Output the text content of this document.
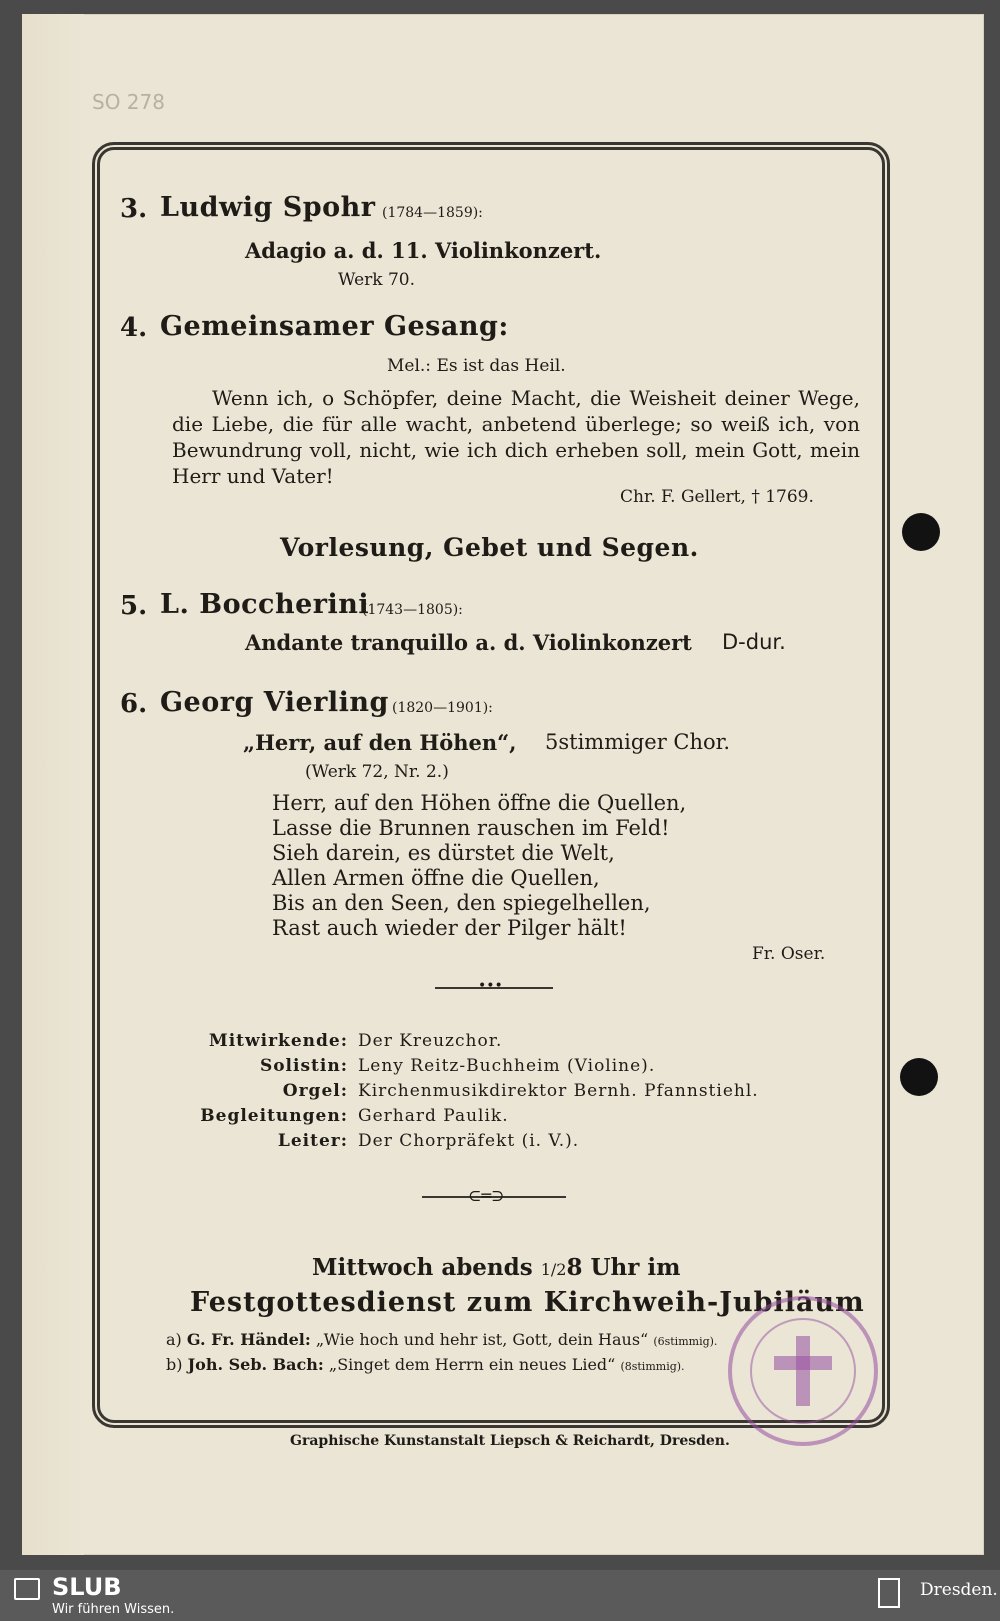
SO 278
3. Ludwig Spohr (1784—1859):
Adagio a. d. 11. Violinkonzert.
Werk 70.
4. Gemeinsamer Gesang:
Mel.: Es ist das Heil.
Wenn ich, o Schöpfer, deine Macht, die Weisheit deiner Wege, die Liebe, die für alle wacht, anbetend überlege; so weiß ich, von Bewundrung voll, nicht, wie ich dich erheben soll, mein Gott, mein Herr und Vater!
Chr. F. Gellert, † 1769.
Vorlesung, Gebet und Segen.
5. L. Boccherini
(1743—1805):
Andante tranquillo a. d. Violinkonzert D-dur.
6. Georg Vierling (1820—1901):
„Herr, auf den Höhen“, 5stimmiger Chor.
(Werk 72, Nr. 2.)
Herr, auf den Höhen öffne die Quellen,
Lasse die Brunnen rauschen im Feld!
Sieh darein, es dürstet die Welt,
Allen Armen öffne die Quellen,
Bis an den Seen, den spiegelhellen,
Rast auch wieder der Pilger hält!
Fr. Oser.
•••
Mitwirkende: Der Kreuzchor.
Solistin: Leny Reitz-Buchheim (Violine).
Orgel: Kirchenmusikdirektor Bernh. Pfannstiehl.
Begleitungen: Gerhard Paulik.
Leiter: Der Chorpräfekt (i. V.).
⊂═⊃
Mittwoch abends 1/28 Uhr im
Festgottesdienst zum Kirchweih-Jubiläum
a) G. Fr. Händel: „Wie hoch und hehr ist, Gott, dein Haus“ (6stimmig).
b) Joh. Seb. Bach: „Singet dem Herrn ein neues Lied“ (8stimmig).
Graphische Kunstanstalt Liepsch & Reichardt, Dresden.
SLUB
Wir führen Wissen.
Dresden.
